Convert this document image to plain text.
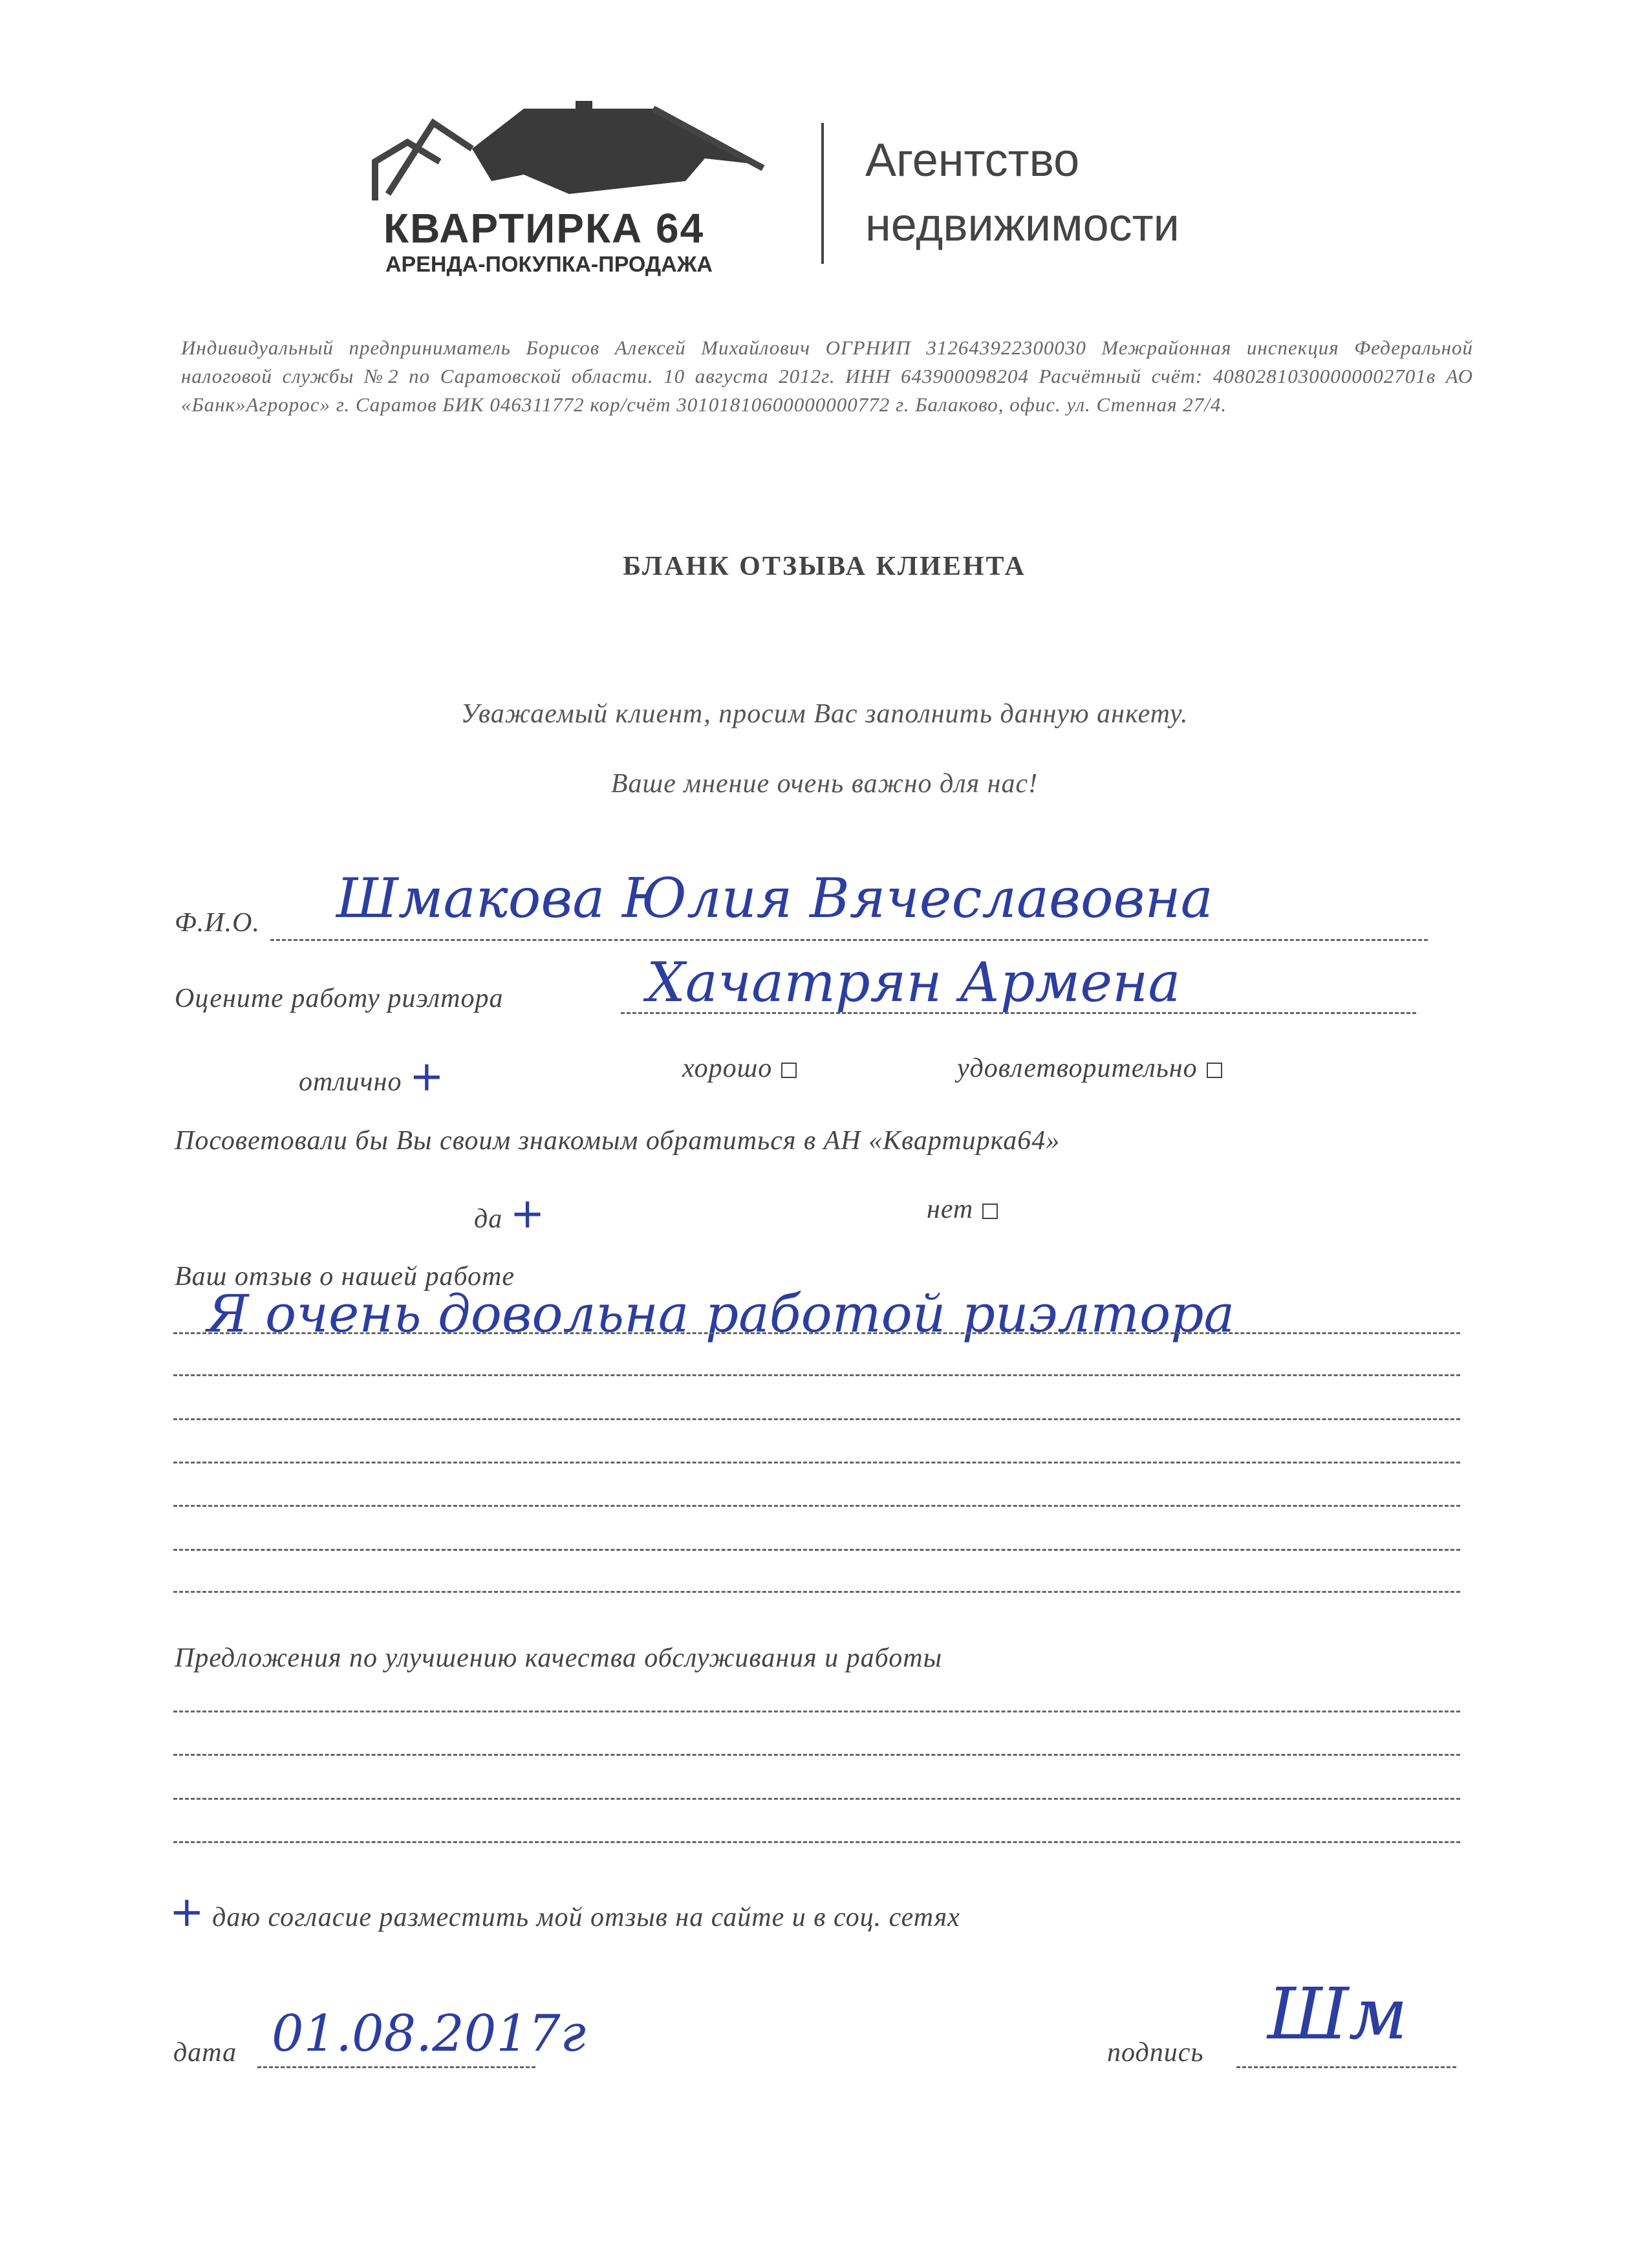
КВАРТИРКА 64
АРЕНДА-ПОКУПКА-ПРОДАЖА
Агентство
недвижимости
Индивидуальный предприниматель Борисов Алексей Михайлович ОГРНИП 312643922300030 Межрайонная инспекция Федеральной налоговой службы №2 по Саратовской области. 10 августа 2012г. ИНН 643900098204 Расчётный счёт: 40802810300000002701в АО «Банк»Агророс» г. Саратов БИК 046311772 кор/счёт 30101810600000000772 г. Балаково, офис. ул. Степная 27/4.
БЛАНК ОТЗЫВА КЛИЕНТА
Уважаемый клиент, просим Вас заполнить данную анкету.
Ваше мнение очень важно для нас!
Ф.И.О. Шмакова Юлия Вячеславовна
Оцените работу риэлтора	Хачатрян Армена
отлично +	хорошо	удовлетворительно
Посоветовали бы Вы своим знакомым обратиться в АН «Квартирка64»
да +	нет
Ваш отзыв о нашей работе
Я очень довольна работой риэлтора
Предложения по улучшению качества обслуживания и работы
+ даю согласие разместить мой отзыв на сайте и в соц. сетях
дата 01.08.2017г	подпись Шм
